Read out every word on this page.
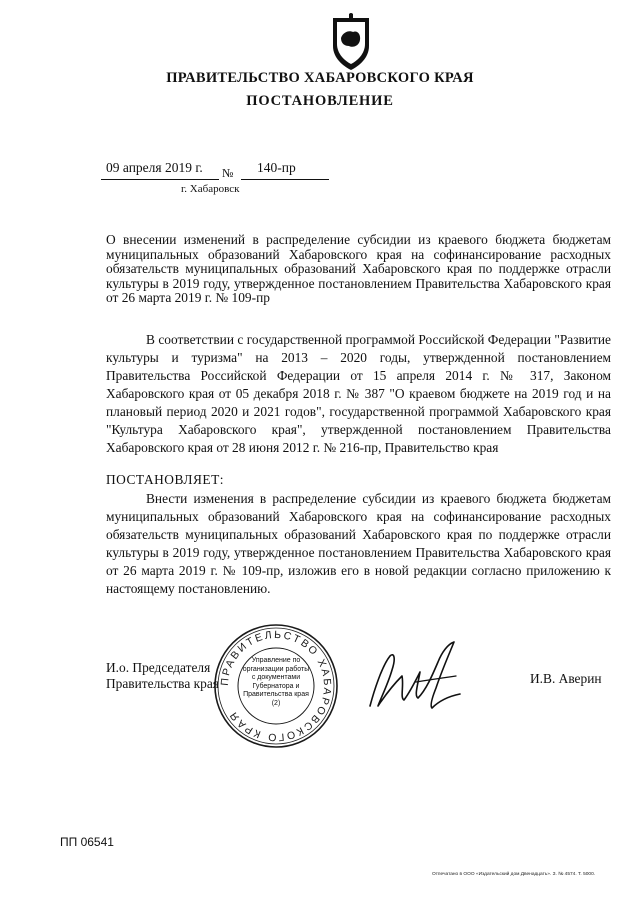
ПРАВИТЕЛЬСТВО ХАБАРОВСКОГО КРАЯ
ПОСТАНОВЛЕНИЕ
09 апреля 2019 г. № 140-пр
г. Хабаровск
О внесении изменений в распределение субсидии из краевого бюджета бюджетам муниципальных образований Хабаровского края на софинансирование расходных обязательств муниципальных образований Хабаровского края по поддержке отрасли культуры в 2019 году, утвержденное постановлением Правительства Хабаровского края от 26 марта 2019 г. № 109-пр
В соответствии с государственной программой Российской Федерации "Развитие культуры и туризма" на 2013 – 2020 годы, утвержденной постановлением Правительства Российской Федерации от 15 апреля 2014 г. № 317, Законом Хабаровского края от 05 декабря 2018 г. № 387 "О краевом бюджете на 2019 год и на плановый период 2020 и 2021 годов", государственной программой Хабаровского края "Культура Хабаровского края", утвержденной постановлением Правительства Хабаровского края от 28 июня 2012 г. № 216-пр, Правительство края
ПОСТАНОВЛЯЕТ:
Внести изменения в распределение субсидии из краевого бюджета бюджетам муниципальных образований Хабаровского края на софинансирование расходных обязательств муниципальных образований Хабаровского края по поддержке отрасли культуры в 2019 году, утвержденное постановлением Правительства Хабаровского края от 26 марта 2019 г. № 109-пр, изложив его в новой редакции согласно приложению к настоящему постановлению.
И.о. Председателя
Правительства края ПРАВИТЕЛЬСТВО ХАБАРОВСКОГО КРАЯ
Управление по организации работы с документами Губернатора и Правительства края (2)
И.В. Аверин
ПП 06541
Отпечатано в ООО «Издательский дом Двенадцать». З. № 4574. Т. 5000.
